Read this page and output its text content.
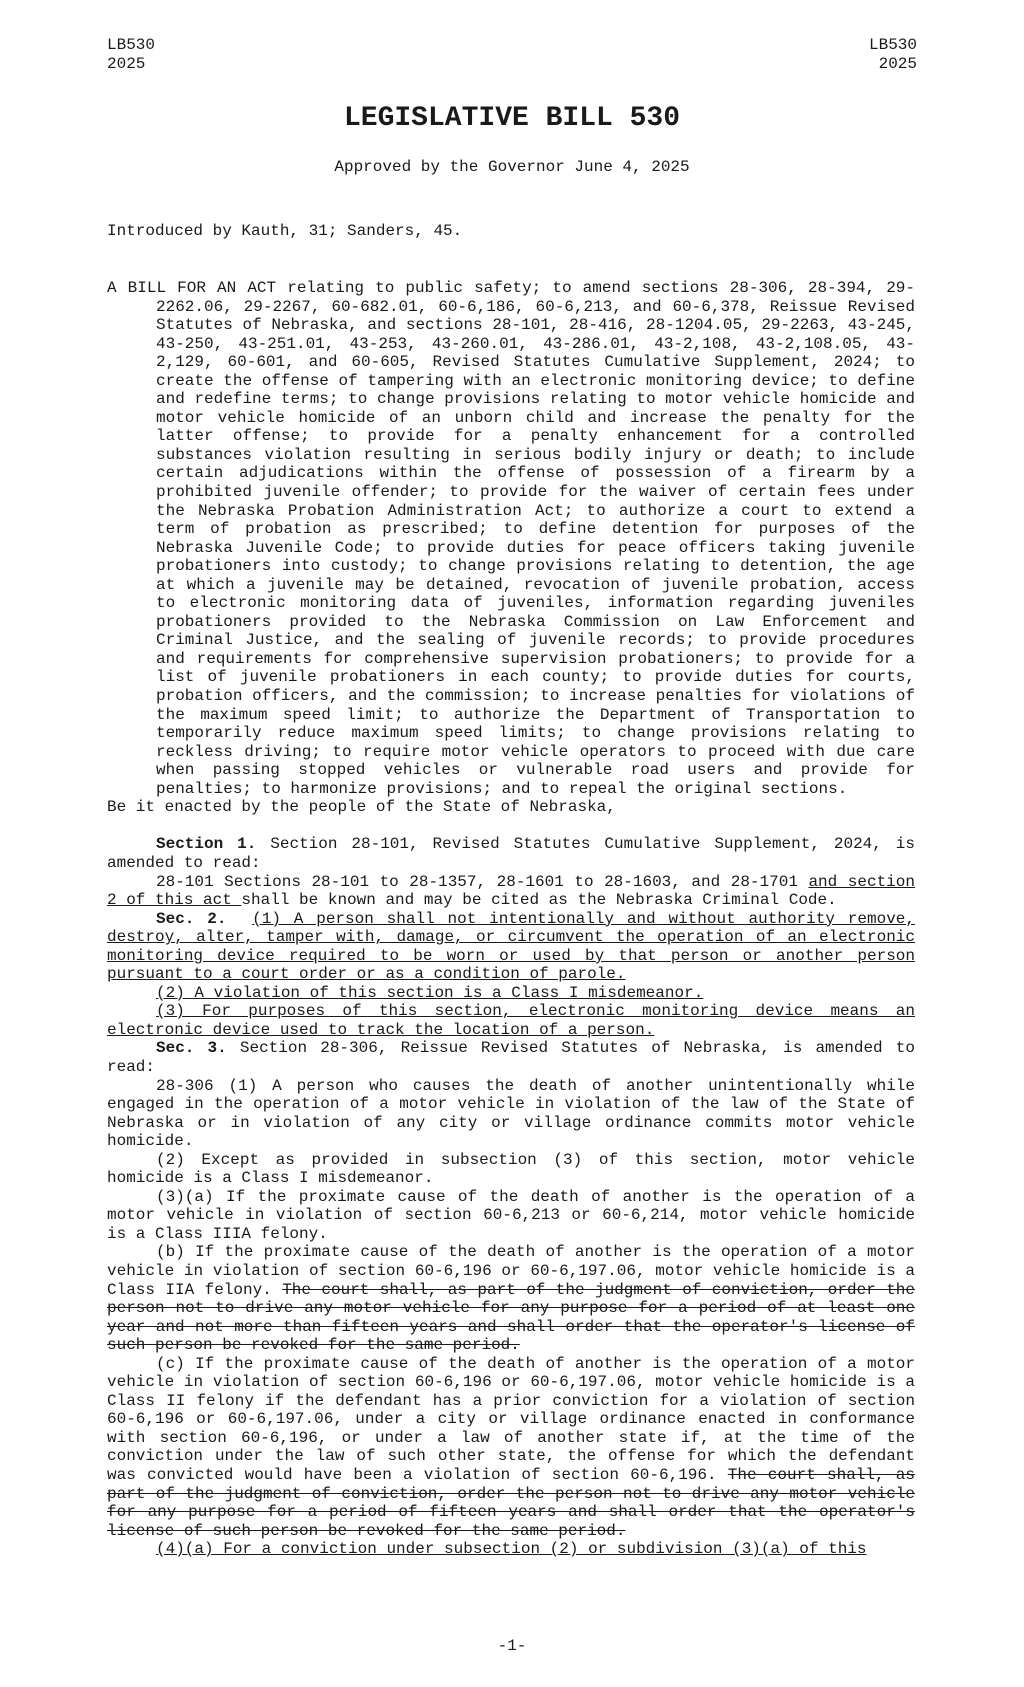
LB530
2025
LB530
2025
LEGISLATIVE BILL 530
Approved by the Governor June 4, 2025
Introduced by Kauth, 31; Sanders, 45.

A BILL FOR AN ACT relating to public safety; to amend sections 28-306, 28-394, 29-2262.06, 29-2267, 60-682.01, 60-6,186, 60-6,213, and 60-6,378, Reissue Revised Statutes of Nebraska, and sections 28-101, 28-416, 28-1204.05, 29-2263, 43-245, 43-250, 43-251.01, 43-253, 43-260.01, 43-286.01, 43-2,108, 43-2,108.05, 43-2,129, 60-601, and 60-605, Revised Statutes Cumulative Supplement, 2024; to create the offense of tampering with an electronic monitoring device; to define and redefine terms; to change provisions relating to motor vehicle homicide and motor vehicle homicide of an unborn child and increase the penalty for the latter offense; to provide for a penalty enhancement for a controlled substances violation resulting in serious bodily injury or death; to include certain adjudications within the offense of possession of a firearm by a prohibited juvenile offender; to provide for the waiver of certain fees under the Nebraska Probation Administration Act; to authorize a court to extend a term of probation as prescribed; to define detention for purposes of the Nebraska Juvenile Code; to provide duties for peace officers taking juvenile probationers into custody; to change provisions relating to detention, the age at which a juvenile may be detained, revocation of juvenile probation, access to electronic monitoring data of juveniles, information regarding juveniles probationers provided to the Nebraska Commission on Law Enforcement and Criminal Justice, and the sealing of juvenile records; to provide procedures and requirements for comprehensive supervision probationers; to provide for a list of juvenile probationers in each county; to provide duties for courts, probation officers, and the commission; to increase penalties for violations of the maximum speed limit; to authorize the Department of Transportation to temporarily reduce maximum speed limits; to change provisions relating to reckless driving; to require motor vehicle operators to proceed with due care when passing stopped vehicles or vulnerable road users and provide for penalties; to harmonize provisions; and to repeal the original sections.

Be it enacted by the people of the State of Nebraska,

Section 1. Section 28-101, Revised Statutes Cumulative Supplement, 2024, is amended to read:

28-101 Sections 28-101 to 28-1357, 28-1601 to 28-1603, and 28-1701 and section 2 of this act shall be known and may be cited as the Nebraska Criminal Code.

Sec. 2. (1) A person shall not intentionally and without authority remove, destroy, alter, tamper with, damage, or circumvent the operation of an electronic monitoring device required to be worn or used by that person or another person pursuant to a court order or as a condition of parole.

(2) A violation of this section is a Class I misdemeanor.

(3) For purposes of this section, electronic monitoring device means an electronic device used to track the location of a person.

Sec. 3. Section 28-306, Reissue Revised Statutes of Nebraska, is amended to read:

28-306 (1) A person who causes the death of another unintentionally while engaged in the operation of a motor vehicle in violation of the law of the State of Nebraska or in violation of any city or village ordinance commits motor vehicle homicide.

(2) Except as provided in subsection (3) of this section, motor vehicle homicide is a Class I misdemeanor.

(3)(a) If the proximate cause of the death of another is the operation of a motor vehicle in violation of section 60-6,213 or 60-6,214, motor vehicle homicide is a Class IIIA felony.

(b) If the proximate cause of the death of another is the operation of a motor vehicle in violation of section 60-6,196 or 60-6,197.06, motor vehicle homicide is a Class IIA felony. The court shall, as part of the judgment of conviction, order the person not to drive any motor vehicle for any purpose for a period of at least one year and not more than fifteen years and shall order that the operator's license of such person be revoked for the same period.

(c) If the proximate cause of the death of another is the operation of a motor vehicle in violation of section 60-6,196 or 60-6,197.06, motor vehicle homicide is a Class II felony if the defendant has a prior conviction for a violation of section 60-6,196 or 60-6,197.06, under a city or village ordinance enacted in conformance with section 60-6,196, or under a law of another state if, at the time of the conviction under the law of such other state, the offense for which the defendant was convicted would have been a violation of section 60-6,196. The court shall, as part of the judgment of conviction, order the person not to drive any motor vehicle for any purpose for a period of fifteen years and shall order that the operator's license of such person be revoked for the same period.

(4)(a) For a conviction under subsection (2) or subdivision (3)(a) of this

-1-
